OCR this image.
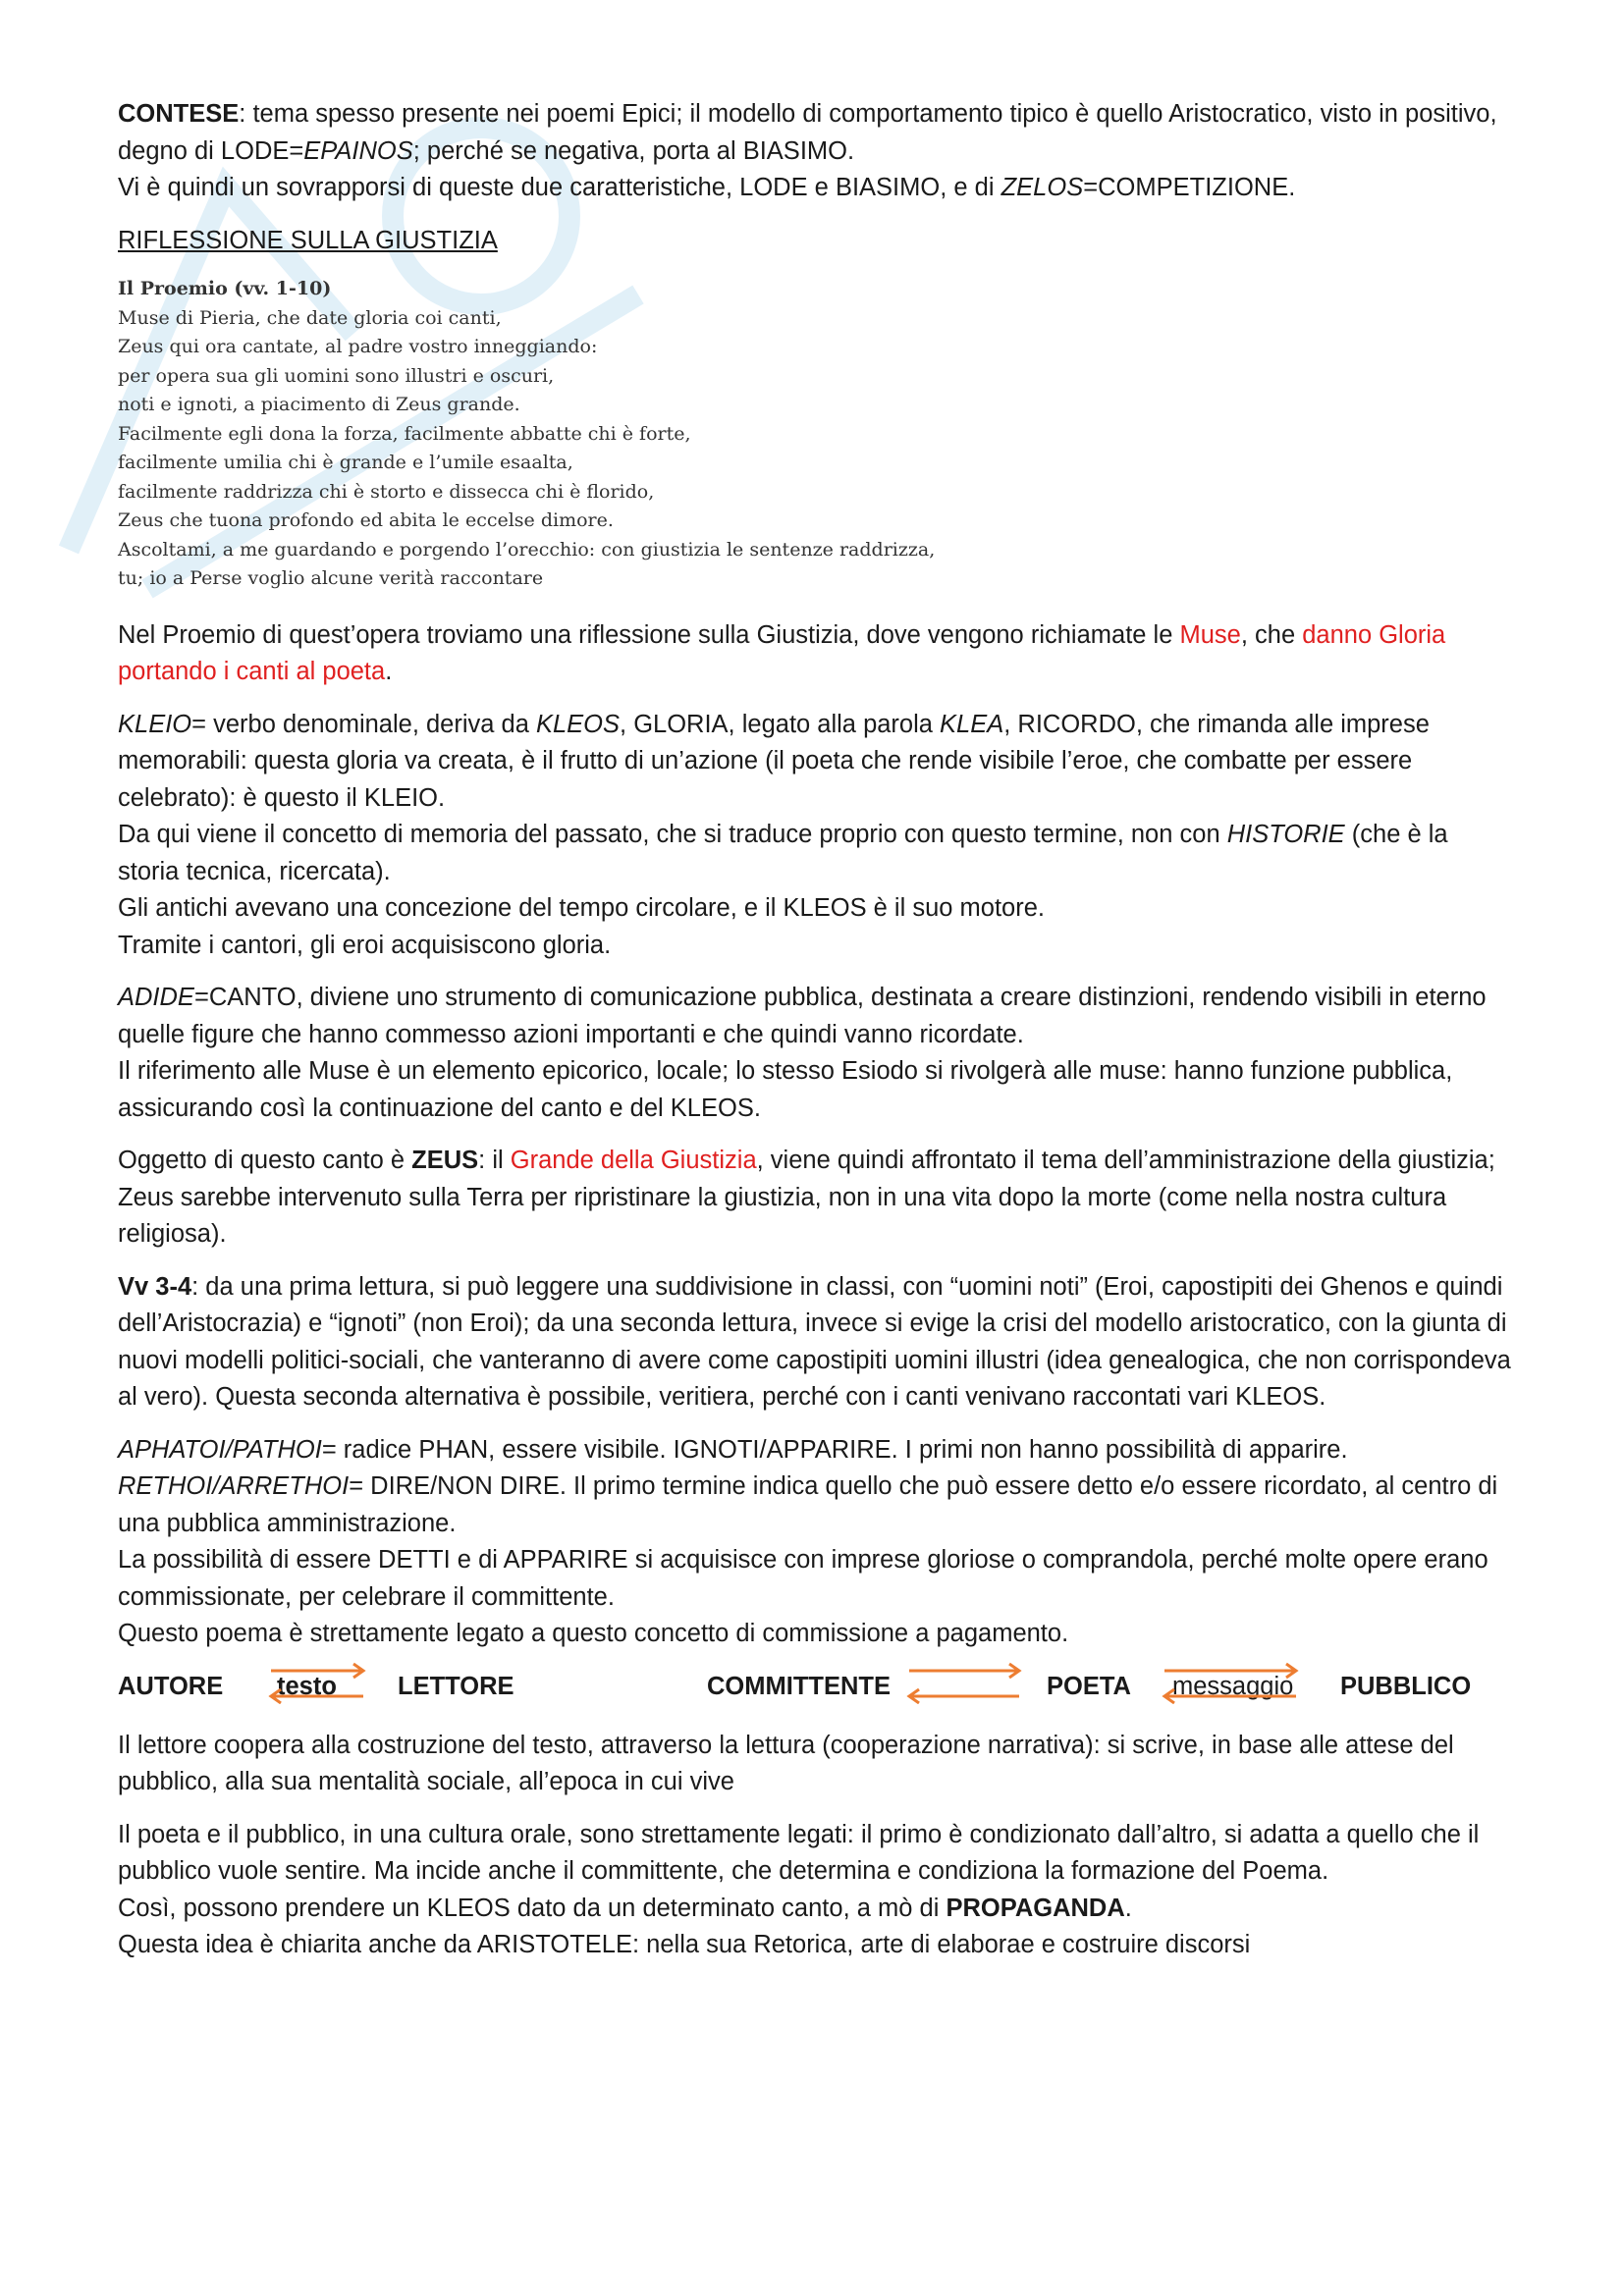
CONTESE: tema spesso presente nei poemi Epici; il modello di comportamento tipico è quello Aristocratico, visto in positivo, degno di LODE=EPAINOS; perché se negativa, porta al BIASIMO.
Vi è quindi un sovrapporsi di queste due caratteristiche, LODE e BIASIMO, e di ZELOS=COMPETIZIONE.

RIFLESSIONE SULLA GIUSTIZIA

Il Proemio (vv. 1-10)
Muse di Pieria, che date gloria coi canti,
Zeus qui ora cantate, al padre vostro inneggiando:
per opera sua gli uomini sono illustri e oscuri,
noti e ignoti, a piacimento di Zeus grande.
Facilmente egli dona la forza, facilmente abbatte chi è forte,
facilmente umilia chi è grande e l’umile esaalta,
facilmente raddrizza chi è storto e dissecca chi è florido,
Zeus che tuona profondo ed abita le eccelse dimore.
Ascoltami, a me guardando e porgendo l’orecchio: con giustizia le sentenze raddrizza,
tu; io a Perse voglio alcune verità raccontare

Nel Proemio di quest’opera troviamo una riflessione sulla Giustizia, dove vengono richiamate le Muse, che danno Gloria portando i canti al poeta.

KLEIO= verbo denominale, deriva da KLEOS, GLORIA, legato alla parola KLEA, RICORDO, che rimanda alle imprese memorabili: questa gloria va creata, è il frutto di un’azione (il poeta che rende visibile l’eroe, che combatte per essere celebrato): è questo il KLEIO.
Da qui viene il concetto di memoria del passato, che si traduce proprio con questo termine, non con HISTORIE (che è la storia tecnica, ricercata).
Gli antichi avevano una concezione del tempo circolare, e il KLEOS è il suo motore.
Tramite i cantori, gli eroi acquisiscono gloria.

ADIDE=CANTO, diviene uno strumento di comunicazione pubblica, destinata a creare distinzioni, rendendo visibili in eterno quelle figure che hanno commesso azioni importanti e che quindi vanno ricordate.
Il riferimento alle Muse è un elemento epicorico, locale; lo stesso Esiodo si rivolgerà alle muse: hanno funzione pubblica, assicurando così la continuazione del canto e del KLEOS.

Oggetto di questo canto è ZEUS: il Grande della Giustizia, viene quindi affrontato il tema dell’amministrazione della giustizia; Zeus sarebbe intervenuto sulla Terra per ripristinare la giustizia, non in una vita dopo la morte (come nella nostra cultura religiosa).

Vv 3-4: da una prima lettura, si può leggere una suddivisione in classi, con “uomini noti” (Eroi, capostipiti dei Ghenos e quindi dell’Aristocrazia) e “ignoti” (non Eroi); da una seconda lettura, invece si evige la crisi del modello aristocratico, con la giunta di nuovi modelli politici-sociali, che vanteranno di avere come capostipiti uomini illustri (idea genealogica, che non corrispondeva al vero). Questa seconda alternativa è possibile, veritiera, perché con i canti venivano raccontati vari KLEOS.

APHATOI/PATHOI= radice PHAN, essere visibile. IGNOTI/APPARIRE. I primi non hanno possibilità di apparire.
RETHOI/ARRETHOI= DIRE/NON DIRE. Il primo termine indica quello che può essere detto e/o essere ricordato, al centro di una pubblica amministrazione.
La possibilità di essere DETTI e di APPARIRE si acquisisce con imprese gloriose o comprandola, perché molte opere erano commissionate, per celebrare il committente.
Questo poema è strettamente legato a questo concetto di commissione a pagamento.

AUTORE testo LETTORE	COMMITTENTE	POETA messaggio PUBBLICO

Il lettore coopera alla costruzione del testo, attraverso la lettura (cooperazione narrativa): si scrive, in base alle attese del pubblico, alla sua mentalità sociale, all’epoca in cui vive

Il poeta e il pubblico, in una cultura orale, sono strettamente legati: il primo è condizionato dall’altro, si adatta a quello che il pubblico vuole sentire. Ma incide anche il committente, che determina e condiziona la formazione del Poema.
Così, possono prendere un KLEOS dato da un determinato canto, a mò di PROPAGANDA.
Questa idea è chiarita anche da ARISTOTELE: nella sua Retorica, arte di elaborae e costruire discorsi
